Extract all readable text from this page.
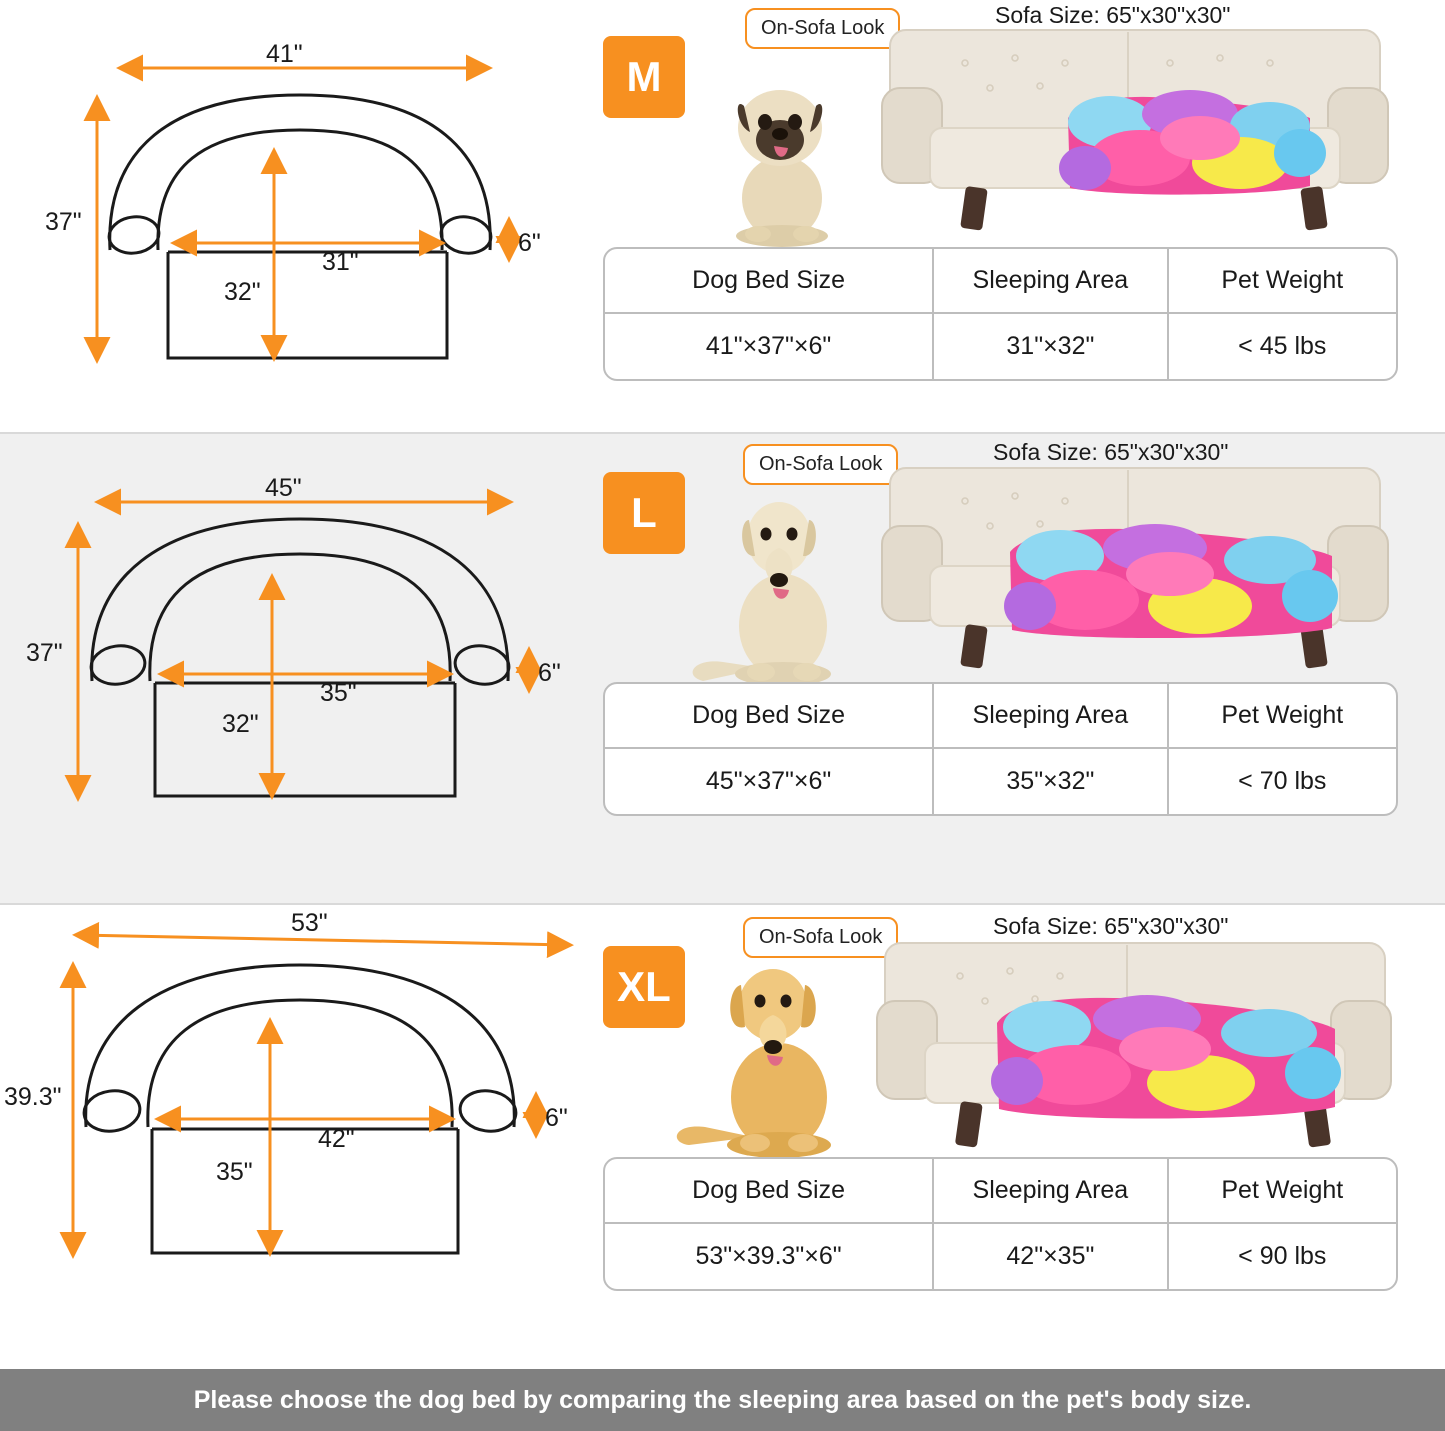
41"
37"
31"
32"
6"
M
On-Sofa Look	Sofa Size: 65"x30"x30"
Dog Bed Size	Sleeping Area	Pet Weight
41"×37"×6"	31"×32"	< 45 lbs
45"
37"
35"
32"
6"
L
On-Sofa Look	Sofa Size: 65"x30"x30"
Dog Bed Size	Sleeping Area	Pet Weight
45"×37"×6"	35"×32"	< 70 lbs
53"
39.3"
42"
35"
6"
XL
On-Sofa Look	Sofa Size: 65"x30"x30"
Dog Bed Size	Sleeping Area	Pet Weight
53"×39.3"×6"	42"×35"	< 90 lbs
Please choose the dog bed by comparing the sleeping area based on the pet's body size.
